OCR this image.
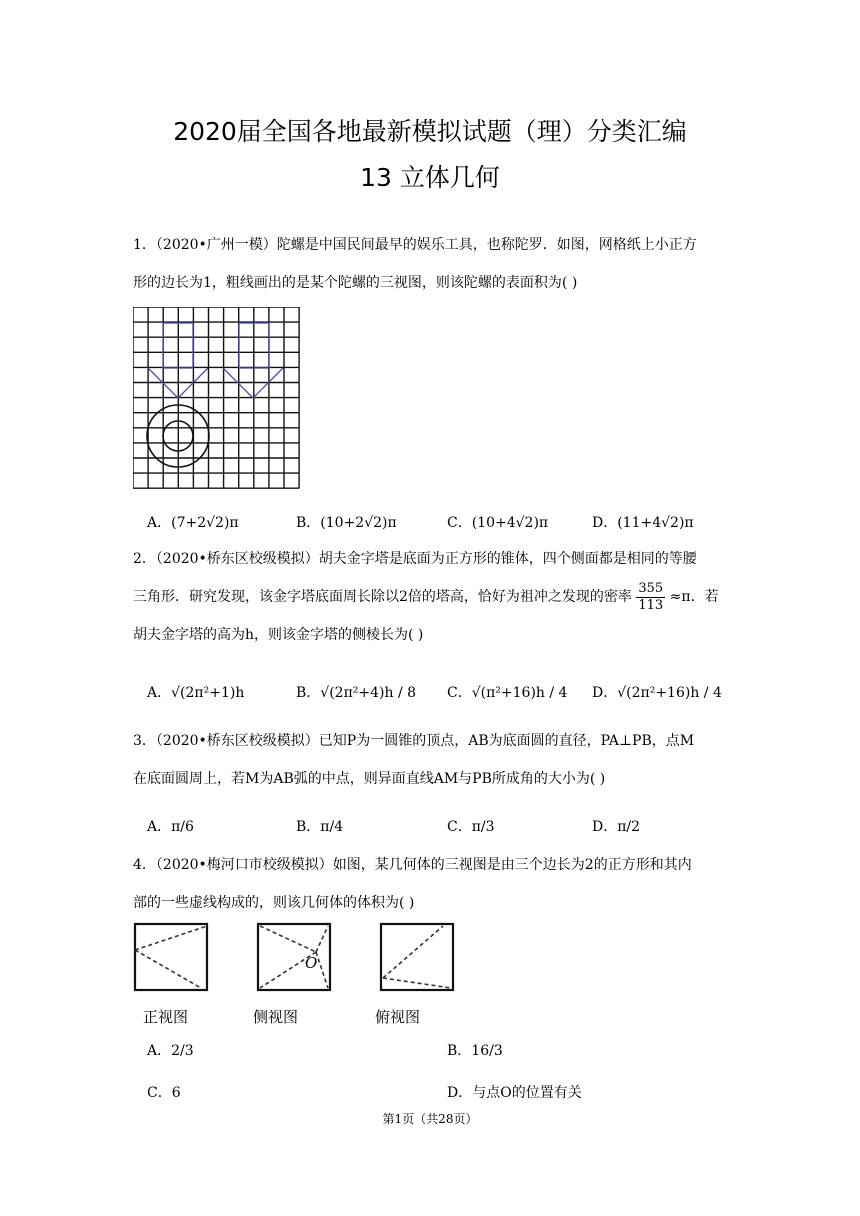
2020届全国各地最新模拟试题（理）分类汇编
13 立体几何
1．（2020•广州一模）陀螺是中国民间最早的娱乐工具，也称陀罗．如图，网格纸上小正方
形的边长为1，粗线画出的是某个陀螺的三视图，则该陀螺的表面积为( )
A．(7+2√2)π	B．(10+2√2)π	C．(10+4√2)π	D．(11+4√2)π
2．（2020•桥东区校级模拟）胡夫金字塔是底面为正方形的锥体，四个侧面都是相同的等腰
三角形．研究发现，该金字塔底面周长除以2倍的塔高，恰好为祖冲之发现的密率 $\frac{355}{113} \approx\pi$．若
胡夫金字塔的高为h，则该金字塔的侧棱长为( )
A．√(2π²+1)h	B．√(2π²+4)h / 8 C．√(π²+16)h / 4 D．√(2π²+16)h / 4
3．（2020•桥东区校级模拟）已知P为一圆锥的顶点，AB为底面圆的直径，PA⊥PB，点M
在底面圆周上，若M为AB弧的中点，则异面直线AM与PB所成角的大小为( )
A．π/6	B．π/4	C．π/3	D．π/2
4．（2020•梅河口市校级模拟）如图，某几何体的三视图是由三个边长为2的正方形和其内
部的一些虚线构成的，则该几何体的体积为( )
O
正视图	侧视图	俯视图
A．2/3	B．16/3
C．6	D．与点O的位置有关
第1页（共28页）
